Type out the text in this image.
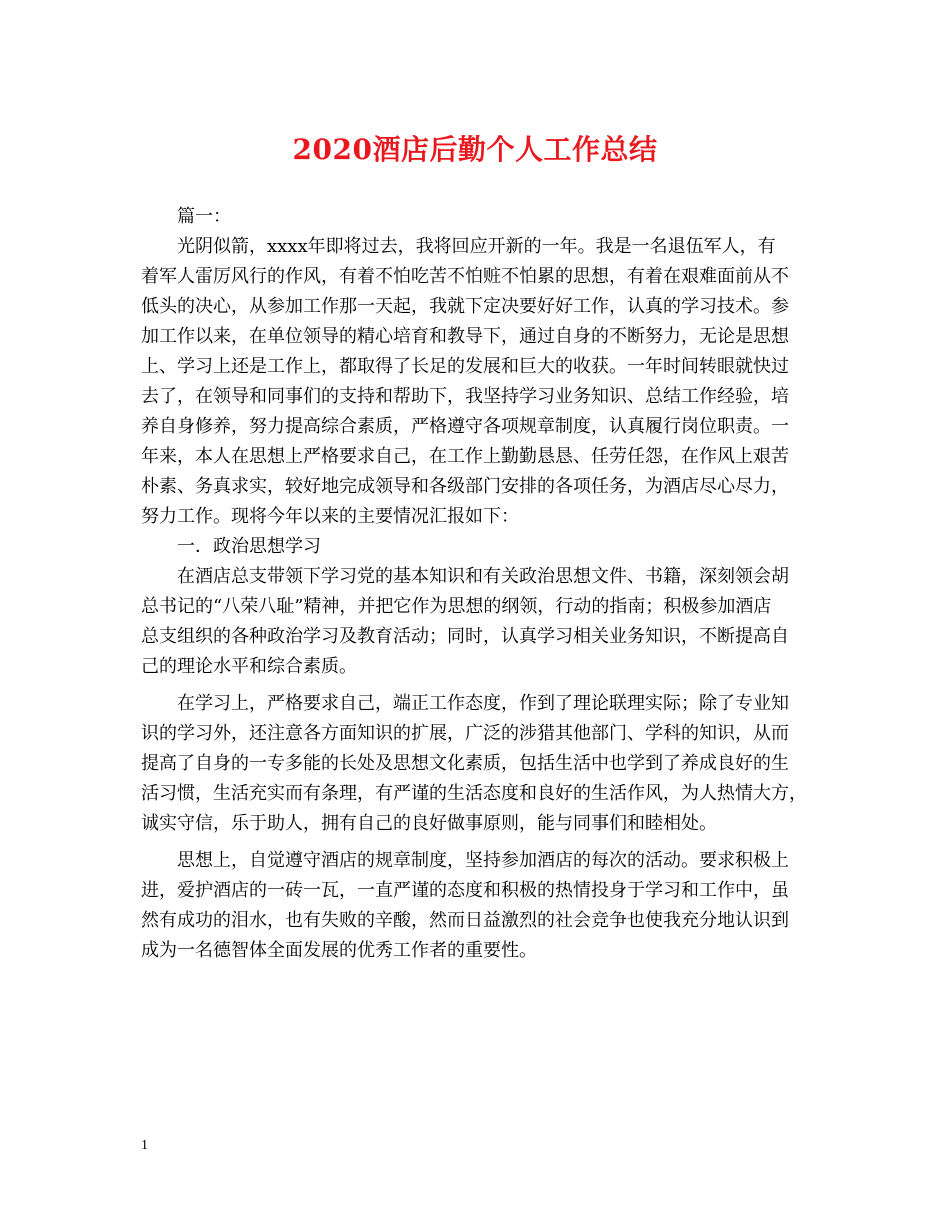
2020酒店后勤个人工作总结
篇一：
光阴似箭，xxxx年即将过去，我将回应开新的一年。我是一名退伍军人，有
着军人雷厉风行的作风，有着不怕吃苦不怕赃不怕累的思想，有着在艰难面前从不
低头的决心，从参加工作那一天起，我就下定决要好好工作，认真的学习技术。参
加工作以来，在单位领导的精心培育和教导下，通过自身的不断努力，无论是思想
上、学习上还是工作上，都取得了长足的发展和巨大的收获。一年时间转眼就快过
去了，在领导和同事们的支持和帮助下，我坚持学习业务知识、总结工作经验，培
养自身修养，努力提高综合素质，严格遵守各项规章制度，认真履行岗位职责。一
年来，本人在思想上严格要求自己，在工作上勤勤恳恳、任劳任怨，在作风上艰苦
朴素、务真求实，较好地完成领导和各级部门安排的各项任务，为酒店尽心尽力，
努力工作。现将今年以来的主要情况汇报如下：
一．政治思想学习
在酒店总支带领下学习党的基本知识和有关政治思想文件、书籍，深刻领会胡
总书记的“八荣八耻”精神，并把它作为思想的纲领，行动的指南；积极参加酒店
总支组织的各种政治学习及教育活动；同时，认真学习相关业务知识，不断提高自
己的理论水平和综合素质。
在学习上，严格要求自己，端正工作态度，作到了理论联理实际；除了专业知
识的学习外，还注意各方面知识的扩展，广泛的涉猎其他部门、学科的知识，从而
提高了自身的一专多能的长处及思想文化素质，包括生活中也学到了养成良好的生
活习惯，生活充实而有条理，有严谨的生活态度和良好的生活作风，为人热情大方，
诚实守信，乐于助人，拥有自己的良好做事原则，能与同事们和睦相处。
思想上，自觉遵守酒店的规章制度，坚持参加酒店的每次的活动。要求积极上
进，爱护酒店的一砖一瓦，一直严谨的态度和积极的热情投身于学习和工作中，虽
然有成功的泪水，也有失败的辛酸，然而日益激烈的社会竞争也使我充分地认识到
成为一名德智体全面发展的优秀工作者的重要性。
1
